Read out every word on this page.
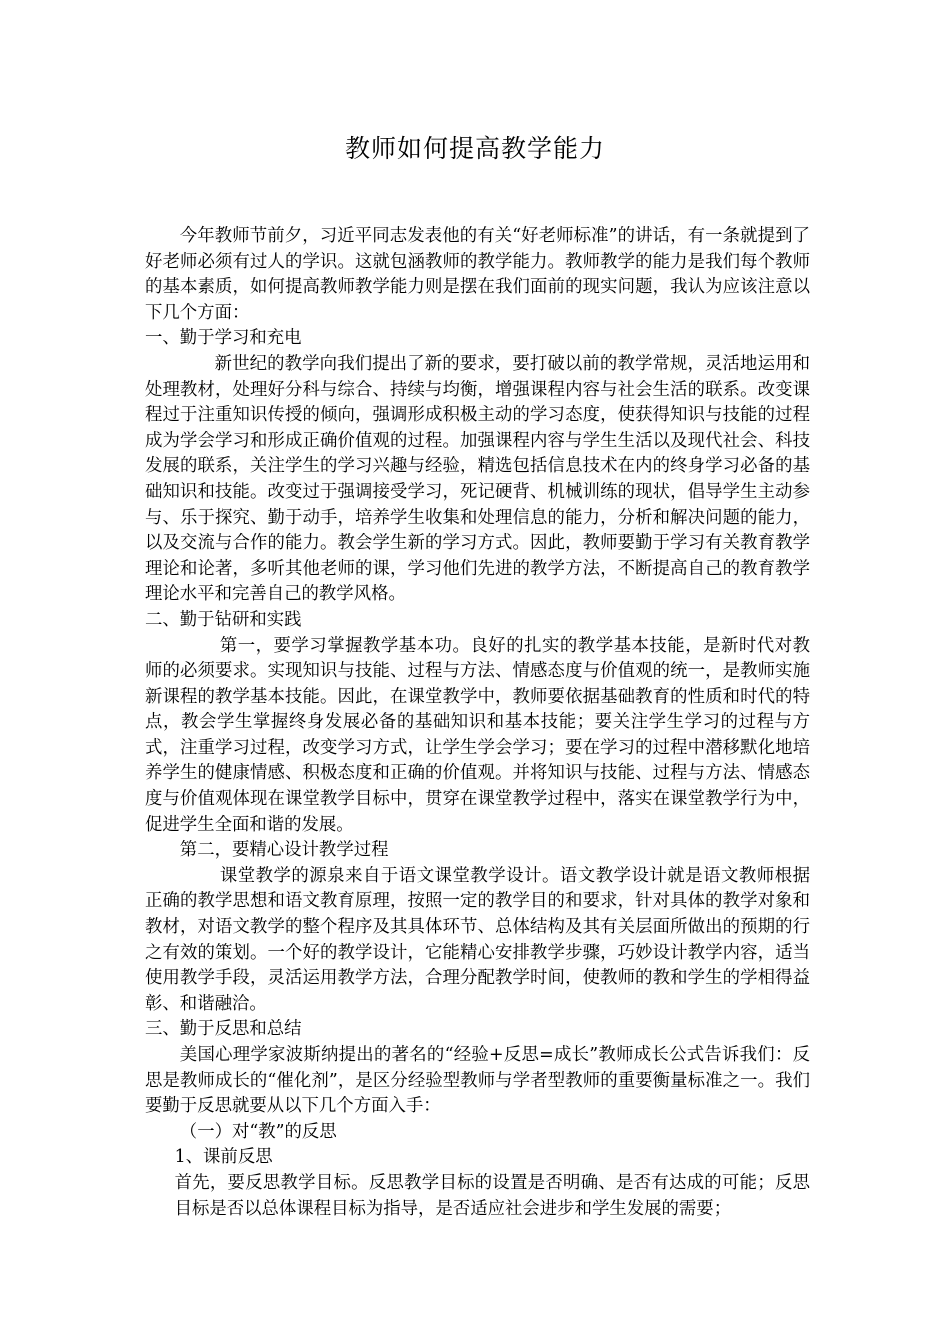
教师如何提高教学能力

今年教师节前夕，习近平同志发表他的有关“好老师标准”的讲话，有一条就提到了好老师必须有过人的学识。这就包涵教师的教学能力。教师教学的能力是我们每个教师的基本素质，如何提高教师教学能力则是摆在我们面前的现实问题，我认为应该注意以下几个方面：

一、勤于学习和充电

新世纪的教学向我们提出了新的要求，要打破以前的教学常规，灵活地运用和处理教材，处理好分科与综合、持续与均衡，增强课程内容与社会生活的联系。改变课程过于注重知识传授的倾向，强调形成积极主动的学习态度，使获得知识与技能的过程成为学会学习和形成正确价值观的过程。加强课程内容与学生生活以及现代社会、科技发展的联系，关注学生的学习兴趣与经验，精选包括信息技术在内的终身学习必备的基础知识和技能。改变过于强调接受学习，死记硬背、机械训练的现状，倡导学生主动参与、乐于探究、勤于动手，培养学生收集和处理信息的能力，分析和解决问题的能力，以及交流与合作的能力。教会学生新的学习方式。因此，教师要勤于学习有关教育教学理论和论著，多听其他老师的课，学习他们先进的教学方法，不断提高自己的教育教学理论水平和完善自己的教学风格。

二、勤于钻研和实践

第一，要学习掌握教学基本功。良好的扎实的教学基本技能，是新时代对教师的必须要求。实现知识与技能、过程与方法、情感态度与价值观的统一，是教师实施新课程的教学基本技能。因此，在课堂教学中，教师要依据基础教育的性质和时代的特点，教会学生掌握终身发展必备的基础知识和基本技能；要关注学生学习的过程与方式，注重学习过程，改变学习方式，让学生学会学习；要在学习的过程中潜移默化地培养学生的健康情感、积极态度和正确的价值观。并将知识与技能、过程与方法、情感态度与价值观体现在课堂教学目标中，贯穿在课堂教学过程中，落实在课堂教学行为中，促进学生全面和谐的发展。

第二，要精心设计教学过程

课堂教学的源泉来自于语文课堂教学设计。语文教学设计就是语文教师根据正确的教学思想和语文教育原理，按照一定的教学目的和要求，针对具体的教学对象和教材，对语文教学的整个程序及其具体环节、总体结构及其有关层面所做出的预期的行之有效的策划。一个好的教学设计，它能精心安排教学步骤，巧妙设计教学内容，适当使用教学手段，灵活运用教学方法，合理分配教学时间，使教师的教和学生的学相得益彰、和谐融洽。

三、勤于反思和总结

美国心理学家波斯纳提出的著名的“经验+反思=成长”教师成长公式告诉我们：反思是教师成长的“催化剂”，是区分经验型教师与学者型教师的重要衡量标准之一。我们要勤于反思就要从以下几个方面入手：

（一）对“教”的反思

1、课前反思

首先，要反思教学目标。反思教学目标的设置是否明确、是否有达成的可能；反思目标是否以总体课程目标为指导，是否适应社会进步和学生发展的需要；
